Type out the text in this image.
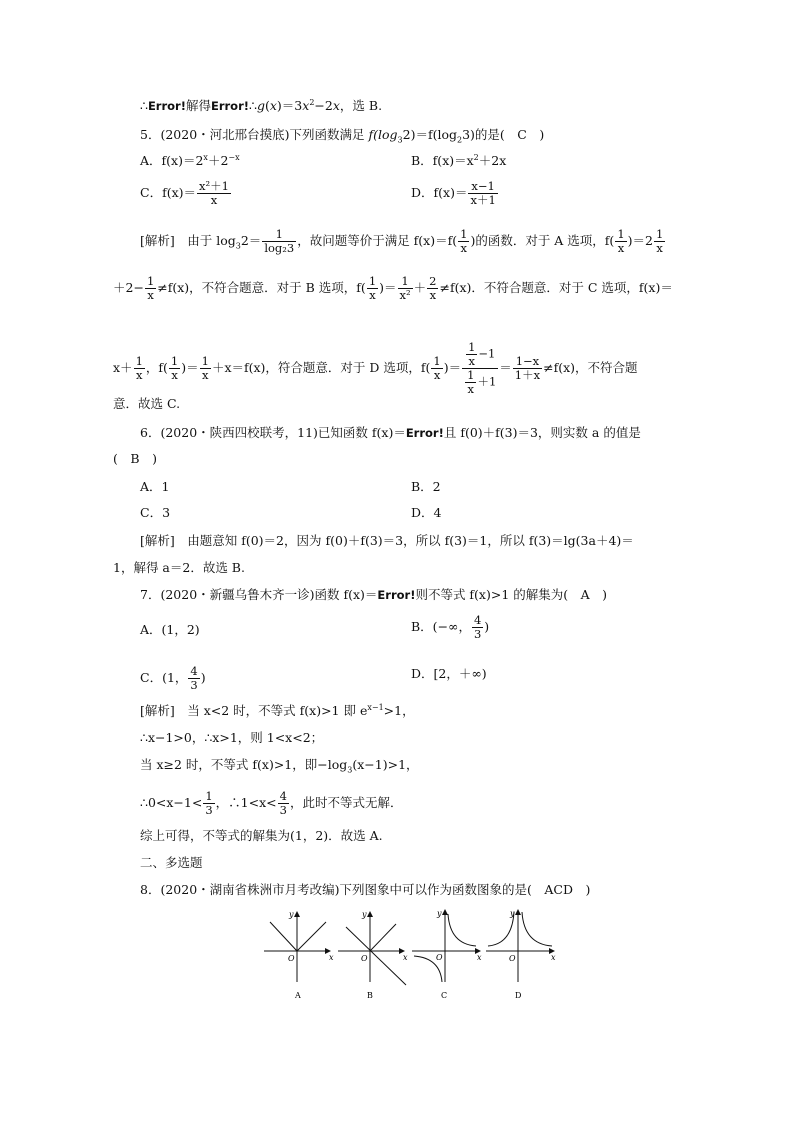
∴Error!解得$Error!\therefore g(x)=3x^2-2x$，选 B.
5．(2020・河北邢台摸底)下列函数满足 $f(\log_32)=f(\log_23)$的是(　C　)
A．$f(x)=2^x+2^{-x}$	B．$f(x)=x^2+2x$
C．$f(x)= \frac{\text{x²＋1}}{x}$	D．$f(x)= \frac{x-1}{x+1}$
[解析]　由于 $\log_32= \frac{1}{\text{log₂3}}$ ，故问题等价于满足 $f(x)=f( \frac{1}{x}$ )的函数．对于 A 选项，$f( \frac{1}{x} )=2 \frac{1}{x}$
$+2- \frac{1}{x} \ne f(x)$，不符合题意．对于 B 选项，$f( \frac{1}{x}$ )＝ $\frac{1}{\text{x²}} + \frac{2}{x} \ne f(x)$．不符合题意．对于 C 选项，f(x)＝
$x+ \frac{1}{x}$ ，$f( \frac{1}{x}$ )＝ $\frac{1}{x} +x=f(x)$，符合题意．对于 D 选项，$f( \frac{1}{x}$ )＝ $\frac{\frac{1}{x} -1}{\frac{1}{x} +1} = \frac{1-x}{1+x} \ne f(x)$，不符合题
意．故选 C.
6．(2020・陕西四校联考，11)已知函数 f(x)＝Error!且 f(0)＋f(3)＝3，则实数 a 的值是
(　B　)
A．1	B．2
C．3	D．4
[解析]　由题意知 f(0)＝2，因为 f(0)＋f(3)＝3，所以 f(3)＝1，所以 f(3)＝lg(3a＋4)＝
1，解得 a＝2．故选 B.
7．(2020・新疆乌鲁木齐一诊)函数 f(x)＝Error!则不等式 f(x)>1 的解集为(　A　)
A．(1，2)	B．(−∞， $\frac{4}{3}$ )
C．(1， $\frac{4}{3}$ )	D．[2，＋∞)
[解析]　当 x<2 时，不等式 f(x)>1 即 $e^{x-1}>1$，
∴x−1>0，∴x>1，则 1<x<2；
当 x≥2 时，不等式 f(x)>1，即$-\log_3(x-1)>1$，
∴0<x−1< $\frac{1}{3}$ ，∴1<x< $\frac{4}{3}$ ，此时不等式无解．
综上可得，不等式的解集为(1，2)．故选 A.
二、多选题
8．(2020・湖南省株洲市月考改编)下列图象中可以作为函数图象的是(　ACD　)
y
x
O
A
y
x
O
B
y
x
O
C
y
x
O
D
